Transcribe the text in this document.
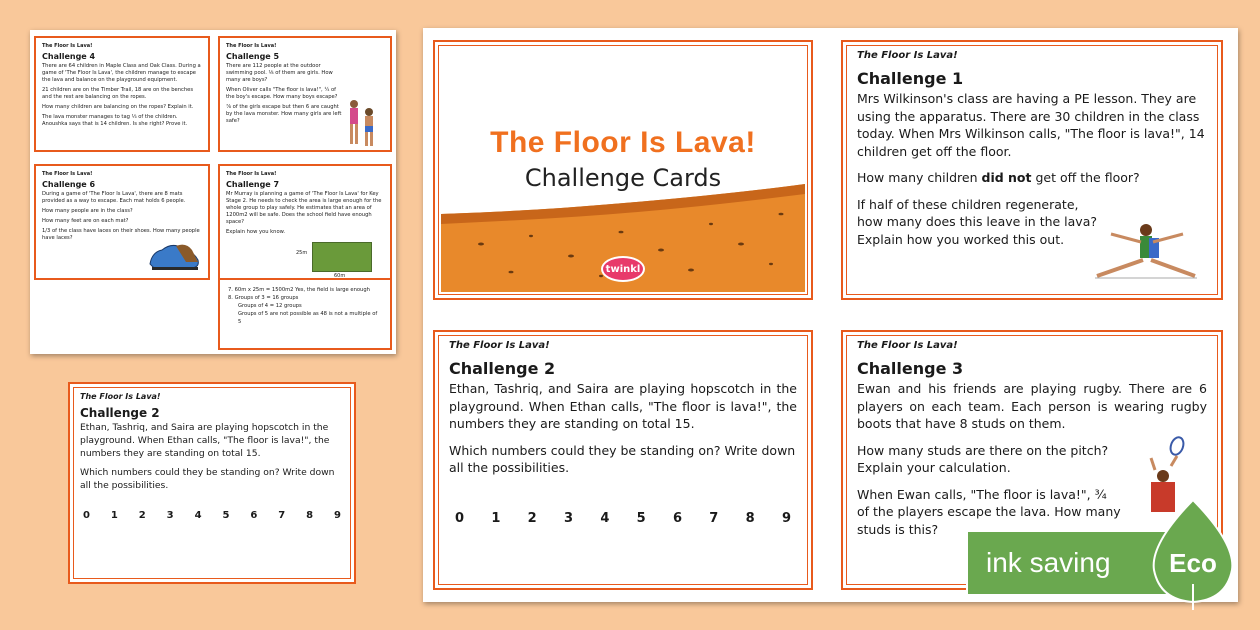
The Floor Is Lava!
Challenge 4

There are 64 children in Maple Class and Oak Class. During a game of 'The Floor Is Lava', the children manage to escape the lava and balance on the playground equipment.

21 children are on the Timber Trail, 18 are on the benches and the rest are balancing on the ropes.

How many children are balancing on the ropes? Explain it.

The lava monster manages to tag ⅓ of the children. Anoushka says that is 14 children. Is she right? Prove it.

The Floor Is Lava!
Challenge 5

There are 112 people at the outdoor swimming pool. ⅛ of them are girls. How many are boys?

When Oliver calls "The floor is lava!", ¼ of the boy's escape. How many boys escape?

⅞ of the girls escape but then 6 are caught by the lava monster. How many girls are left safe?

The Floor Is Lava!
Challenge 6

During a game of 'The Floor Is Lava', there are 8 mats provided as a way to escape. Each mat holds 6 people.

How many people are in the class?

How many feet are on each mat?

1/3 of the class have laces on their shoes. How many people have laces?

The Floor Is Lava!
Challenge 7

Mr Murray is planning a game of 'The Floor Is Lava' for Key Stage 2. He needs to check the area is large enough for the whole group to play safely. He estimates that an area of 1200m2 will be safe. Does the school field have enough space?

Explain how you know.

25m
60m

7. 60m x 25m = 1500m2 Yes, the field is large enough

8. Groups of 3 = 16 groups

Groups of 4 = 12 groups

Groups of 5 are not possible as 48 is not a multiple of 5

The Floor Is Lava!
Challenge 2

Ethan, Tashriq, and Saira are playing hopscotch in the playground. When Ethan calls, "The floor is lava!", the numbers they are standing on total 15.

Which numbers could they be standing on? Write down all the possibilities.

0 1 2 3 4 5 6 7 8 9
The Floor Is Lava!
Challenge Cards
twinkl
The Floor Is Lava!
Challenge 1

Mrs Wilkinson's class are having a PE lesson. They are using the apparatus. There are 30 children in the class today. When Mrs Wilkinson calls, "The floor is lava!", 14 children get off the floor.

How many children did not get off the floor?

If half of these children regenerate, how many does this leave in the lava? Explain how you worked this out.

The Floor Is Lava!
Challenge 2

Ethan, Tashriq, and Saira are playing hopscotch in the playground. When Ethan calls, "The floor is lava!", the numbers they are standing on total 15.

Which numbers could they be standing on? Write down all the possibilities.

0 1 2 3 4 5 6 7 8 9
The Floor Is Lava!
Challenge 3

Ewan and his friends are playing rugby. There are 6 players on each team. Each person is wearing rugby boots that have 8 studs on them.

How many studs are there on the pitch? Explain your calculation.

When Ewan calls, "The floor is lava!", ¾ of the players escape the lava. How many studs is this?

ink saving Eco
